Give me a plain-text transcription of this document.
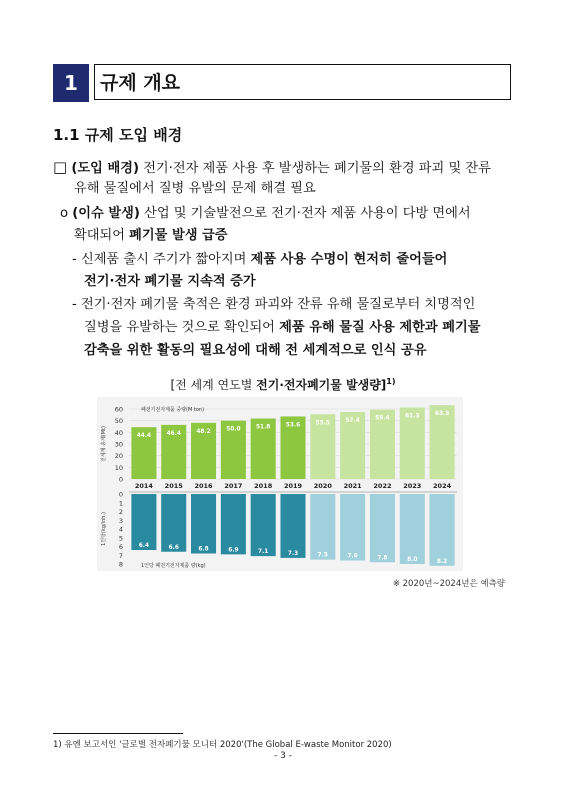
1	규제 개요
1.1 규제 도입 배경
□ (도입 배경) 전기·전자 제품 사용 후 발생하는 폐기물의 환경 파괴 및 잔류
유해 물질에서 질병 유발의 문제 해결 필요
o (이슈 발생) 산업 및 기술발전으로 전기·전자 제품 사용이 다방 면에서
확대되어 폐기물 발생 급증
- 신제품 출시 주기가 짧아지며 제품 사용 수명이 현저히 줄어들어
전기·전자 폐기물 지속적 증가
- 전기·전자 폐기물 축적은 환경 파괴와 잔류 유해 물질로부터 치명적인
질병을 유발하는 것으로 확인되어 제품 유해 물질 사용 제한과 폐기물
감축을 위한 활동의 필요성에 대해 전 세계적으로 인식 공유
[전 세계 연도별 전기·전자폐기물 발생량]$^{1)}$
0
10
20
30
40
50
60
전세계 총계(Mt)
폐전기전자제품 중량(M ton)
44.4	46.4	48.2	50.0	51.8	53.6	55.5	57.4	59.4	61.3	63.3
2014 2015 2016 2017 2018 2019 2020 2021 2022 2023 2024
0
1
2
3
4
5
6
7
8
1인당(kg/inh.)
6.4	6.6	6.8	6.9	7.1	7.3	7.5	7.6	7.8	8.0	8.2
1인당 폐전기전자제품 량(kg)
※ 2020년~2024년은 예측량
1) 유엔 보고서인 '글로벌 전자폐기물 모니터 2020'(The Global E-waste Monitor 2020)
- 3 -
